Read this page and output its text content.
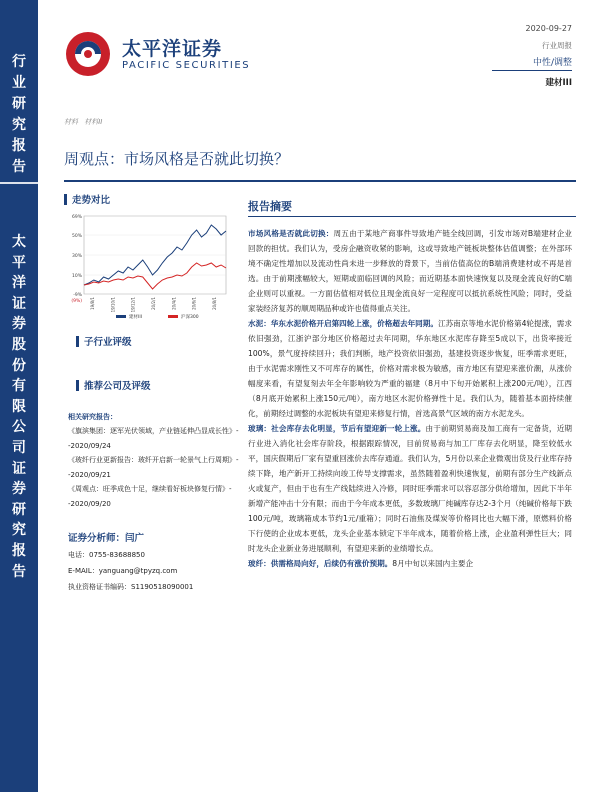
行业研究报告
太平洋证券股份有限公司证券研究报告
太平洋证券
PACIFIC SECURITIES
2020-09-27
行业周报
中性/调整
建材III
材料 材料II
周观点：市场风格是否就此切换？
走势对比
69%
50%
30%
10%
-9%
(9%) 19/8/1	19/10/1	19/12/1	20/2/1	20/4/1	20/6/1	20/8/1
建材III	沪深300
子行业评级
推荐公司及评级
相关研究报告：
《旗滨集团：逐军光伏领域，产业链延伸凸显成长性》--2020/09/24
《玻纤行业更新报告：玻纤开启新一轮景气上行周期》--2020/09/21
《周观点：旺季成色十足，继续看好板块修复行情》--2020/09/20
证券分析师：闫广
电话：0755-83688850
E-MAIL：yanguang@tpyzq.com
执业资格证书编码：S1190518090001
报告摘要

市场风格是否就此切换：周五由于某地产商事件导致地产链全线回调，引发市场对B端建材企业回款的担忧。我们认为，受房企融资收紧的影响，这或导致地产链板块整体估值调整；在外部环境不确定性增加以及流动性尚未进一步释放的背景下，当前估值高位的B端消费建材或不再是首选。由于前期涨幅较大，短期或面临回调的风险；而近期基本面快速恢复以及现金流良好的C端企业则可以重视。一方面估值相对低位且现金流良好一定程度可以抵抗系统性风险；同时，受益家装经济复苏的顺周期品种或许也值得重点关注。

水泥：华东水泥价格开启第四轮上涨，价格超去年同期。江苏南京等地水泥价格第4轮提涨，需求依旧强劲，江浙沪部分地区价格超过去年同期，华东地区水泥库存降至5成以下，出货率接近100%，景气度持续回升；我们判断，地产投资依旧强劲，基建投资逐步恢复，旺季需求更旺，由于水泥需求刚性又不可库存的属性，价格对需求极为敏感，南方地区有望迎来涨价潮，从涨价幅度来看，有望复刻去年全年影响较为严重的福建（8月中下旬开始累积上涨200元/吨），江西（8月底开始累积上涨150元/吨），南方地区水泥价格弹性十足。我们认为，随着基本面持续催化，前期经过调整的水泥板块有望迎来修复行情，首选高景气区域的南方水泥龙头。

玻璃：社会库存去化明显，节后有望迎新一轮上涨。由于前期贸易商及加工商有一定备货，近期行业进入消化社会库存阶段，根据跟踪情况，目前贸易商与加工厂库存去化明显，降至较低水平，国庆假期后厂家有望重回涨价去库存通道。我们认为，5月份以来企业微观出货及行业库存持续下降，地产新开工持续向竣工传导支撑需求，虽然随着盈利快速恢复，前期有部分生产线新点火或复产，但由于也有生产线陆续进入冷修，同时旺季需求可以容忍部分供给增加，因此下半年新增产能冲击十分有限；而由于今年成本更低，多数玻璃厂纯碱库存达2-3个月（纯碱价格每下跌100元/吨，玻璃箱成本节约1元/重箱）；同时石油焦及煤炭等价格同比也大幅下滑，原燃料价格下行使的企业成本更低，龙头企业基本锁定下半年成本，随着价格上涨，企业盈利弹性巨大；同时龙头企业新业务进展顺利，有望迎来新的业绩增长点。

玻纤：供需格局向好，后续仍有涨价预期。8月中旬以来国内主要企
